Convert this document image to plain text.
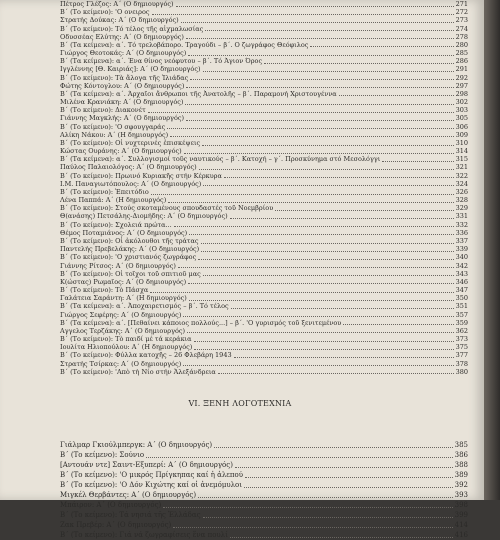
Πέτρος Γλέζος: Α΄ (Ο δημιουργός)	271
Β΄ (Το κείμενο): 'Ο ονειρος	272
Στρατής Δούκας: Α΄ (Ο δημιουργός)	273
Β΄ (Το κείμενο): Τό τέλος τῆς αἰχμαλωσίας	274
Οδυσσέας Ελύτης: Α΄ (Ο δημιουργός)	278
Β΄ (Τα κείμενα): α΄. Τό τρελοβάπορο. Τραγούδι – β΄. Ο ζωγράφος Θεόφιλος	280
Γιώργος Θεοτοκάς: Α΄ (Ο δημιουργός)	285
Β΄ (Τα κείμενα): α΄. Ένα θίνος νεόφυτου – β΄. Τό Άγιον Όρος	286
Ιγγλέννης [Θ. Καιριάς]: Α΄ (Ο δημιουργός)	291
Β΄ (Το κείμενο): Τὰ ἄλογα τῆς Ἰλιάδας	292
Φώτης Κόντογλου: Α΄ (Ο δημιουργός)	297
Β΄ (Τα κείμενα): α΄. Άρχαῖοι ἄνθρωποι τῆς Ἀνατολῆς – β΄. Παραμονή Χριστουγέννα	298
Μιλένα Κρανιάκη: Α΄ (Ο δημιουργός)	302
Β΄ (Το κείμενο): Διακονέτ	303
Γιάννης Μαγκλής: Α΄ (Ο δημιουργός)	305
Β΄ (Το κείμενο): 'Ο σφουγγαράς	306
Αλίκη Νάκου: Α΄ (Η δημιουργός)	309
Β΄ (Το κείμενο): Οἱ νυχτερινές ἐπισκέψεις	310
Κώστας Ουράνης: Α΄ (Ο δημιουργός)	314
Β΄ (Τα κείμενα): α΄. Συλλογισμοί τοῦς ναυτικούς – β΄. Κατοχή – γ΄. Προσκύνημα στό Μεσολόγγι	315
Παύλος Παλαιολόγος: Α΄ (Ο δημιουργός)	321
Β΄ (Το κείμενο): Πρωινό Κυριακῆς στήν Κέρκυρα	322
Ι.Μ. Παναγιωτόπουλος: Α΄ (Ο δημιουργός)	324
Β΄ (Το κείμενο): Ἐπειτόδιο	326
Λένα Παππά: Α΄ (Η δημιουργός)	328
Β΄ (Το κείμενο): Στούς σκοταμένους σπουδαστές τοῦ Νοεμβρίου	329
Θ(ανάσης) Πετσάλης-Διομήδης: Α΄ (Ο δημιουργός)	331
Β΄ (Το κείμενο): Σχολειά πρώτα...	332
Θέμος Ποταμιάνος: Α΄ (Ο δημιουργός)	336
Β΄ (Το κείμενο): Οἱ ἀκόλουθοι τῆς τράτας	337
Παντελής Πρεβελάκης: Α΄ (Ο δημιουργός)	339
Β΄ (Το κείμενο): 'Ο χριστιανός ζωγράφος	340
Γιάννης Ρίτσος: Α΄ (Ο δημιουργός)	342
Β΄ (Το κείμενο): Οἱ τοῖχοι τοῦ σπιτιοῦ μας	343
Κ(ώστας) Ρωμαῖος: Α΄ (Ο δημιουργός)	346
Β΄ (Το κείμενο): Τὸ Πάσχα	347
Γαλάτεια Σαράντη: Α΄ (Η δημιουργός)	350
Β΄ (Τα κείμενα): α΄. Ἀποχαιρετισμός – β΄. Τό τέλος	351
Γιώργος Σεφέρης: Α΄ (Ο δημιουργός)	357
Β΄ (Τα κείμενα): α΄. [Πεθαίνει κάποιος πολλούς...] – β΄. 'Ο γυρισμός τοῦ ξενιτεμένου	359
Αγγελος Τερζάκης: Α΄ (Ο δημιουργός)	362
Β΄ (Το κείμενο): Τὸ παιδί μέ τά κεράκια	373
Ιουλίτα Ηλιοπούλου: Α΄ (Η δημιουργός)	375
Β΄ (Το κείμενο): Φύλλα κατοχῆς – 26 Φλεβάρη 1943	377
Στρατής Τσίρκας: Α΄ (Ο δημιουργός)	378
Β΄ (Το κείμενο): 'Απὸ τὴ Νίο στήν Ἀλεξάνδρεια	380
VI. ΞΕΝΗ ΛΟΓΟΤΕΧΝΙΑ
Γιάλμαρ Γκιούλμπεργκ: Α΄ (Ο δημιουργός)	385
Β΄ (Το κείμενο): Σούνιο	386
[Αντουάν ντε] Σαιντ-Εξυπερί: Α΄ (Ο δημιουργός)	388
Β΄ (Το κείμενο): 'Ο μικρός Πρίγκηπας καί ἡ ἀλεπού	389
Β΄ (Το κείμενο): 'Ο Δόν Κιχώτης καί οἱ ἀνεμόμυλοι	392
Μιγκέλ Θερβάντες: Α΄ (Ο δημιουργός)	393
Μπάιρον: Α΄ (Ο δημιουργός)	398
Β΄ (Το κείμενο): Τά νησιά τῆς Ἑλλάδας	399
Ζακ Πρεβέρ: Α΄ (Ο δημιουργός)	414
Β΄ (Το κείμενο): Γιά νά ζωγραφίσεις ἕνα πουλί	416
